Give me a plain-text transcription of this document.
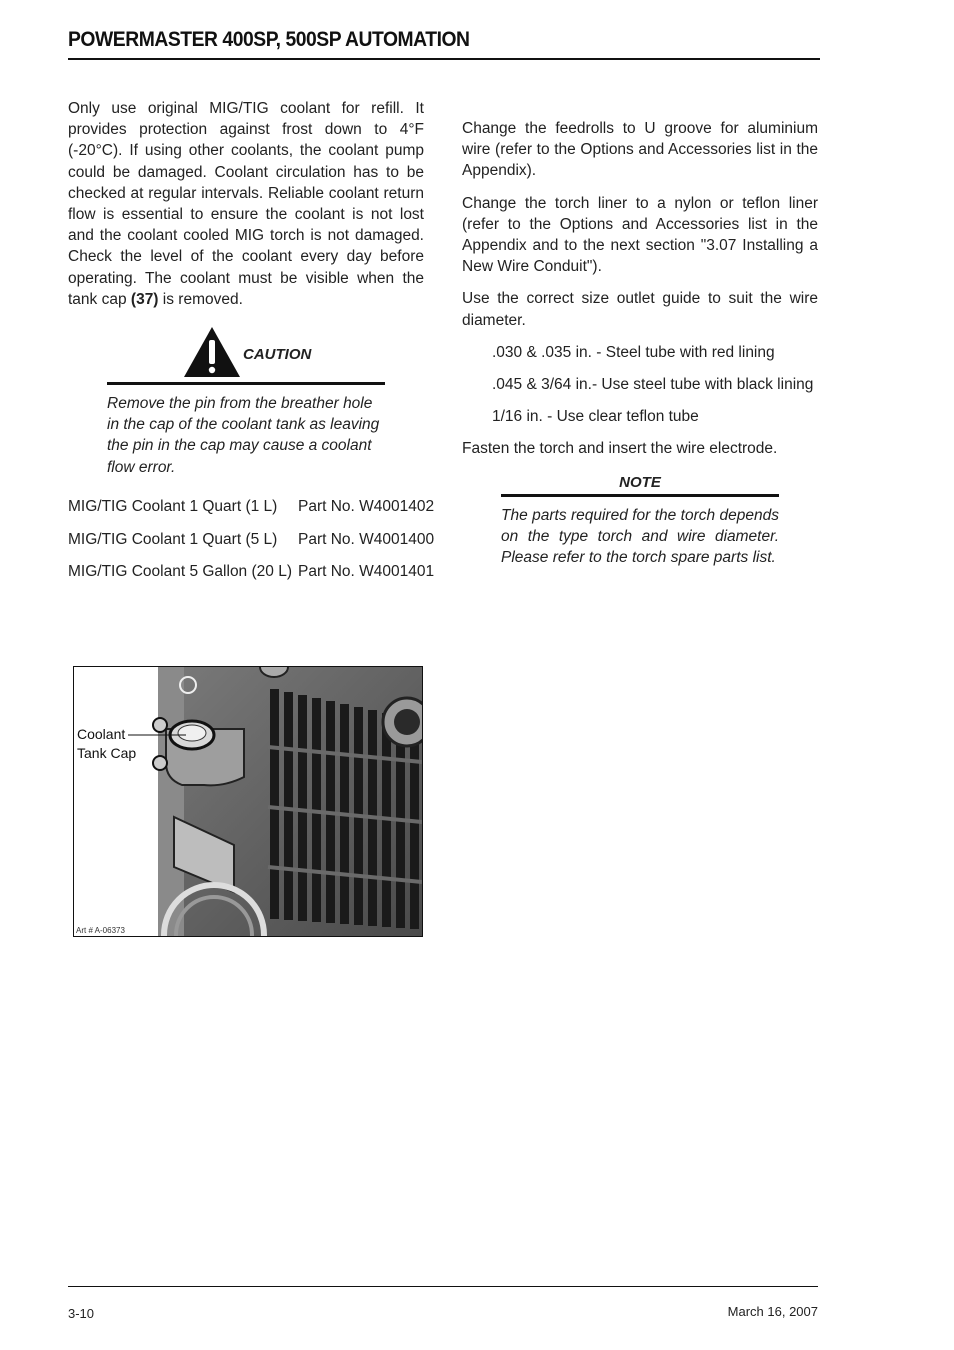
POWERMASTER 400SP, 500SP AUTOMATION

Only use original MIG/TIG coolant for refill. It provides protection against frost down to 4°F (-20°C). If using other coolants, the coolant pump could be damaged. Coolant circulation has to be checked at regular intervals. Reliable coolant return flow is essential to ensure the coolant is not lost and the coolant cooled MIG torch is not damaged. Check the level of the coolant every day before operating. The coolant must be visible when the tank cap (37) is removed.

CAUTION
Remove the pin from the breather hole in the cap of the coolant tank as leaving the pin in the cap may cause a coolant flow error.
MIG/TIG Coolant 1 Quart (1 L) Part No. W4001402
MIG/TIG Coolant 1 Quart (5 L) Part No. W4001400
MIG/TIG Coolant 5 Gallon (20 L) Part No. W4001401

Change the feedrolls to U groove for aluminium wire (refer to the Options and Accessories list in the Appendix).

Change the torch liner to a nylon or teflon liner (refer to the Options and Accessories list in the Appendix and to the next section "3.07 Installing a New Wire Conduit").

Use the correct size outlet guide to suit the wire diameter.

.030 & .035 in. - Steel tube with red lining

.045 & 3/64 in.- Use steel tube with black lining

1/16 in. - Use clear teflon tube

Fasten the torch and insert the wire electrode.

NOTE
The parts required for the torch depends on the type torch and wire diameter. Please refer to the torch spare parts list.
Coolant
Tank Cap
Art # A-06373
3-10	March 16, 2007
